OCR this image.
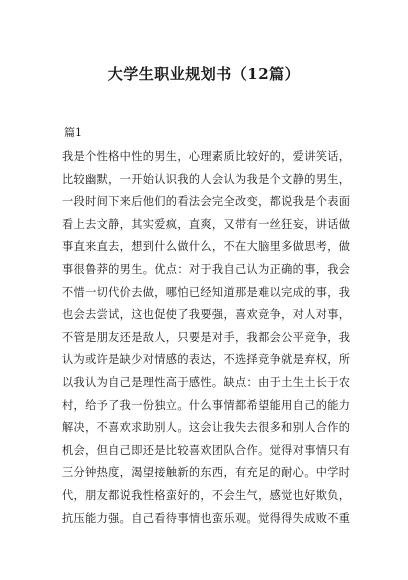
大学生职业规划书（12篇）
篇1
我是个性格中性的男生，心理素质比较好的，爱讲笑话，
比较幽默，一开始认识我的人会认为我是个文静的男生，
一段时间下来后他们的看法会完全改变，都说我是个表面
看上去文静，其实爱疯，直爽，又带有一丝狂妄，讲话做
事直来直去，想到什么做什么，不在大脑里多做思考，做
事很鲁莽的男生。优点：对于我自己认为正确的事，我会
不惜一切代价去做，哪怕已经知道那是难以完成的事，我
也会去尝试，这也促使了我要强，喜欢竞争，对人对事，
不管是朋友还是敌人，只要是对手，我都会公平竞争，我
认为或许是缺少对情感的表达，不选择竞争就是弃权，所
以我认为自己是理性高于感性。缺点：由于土生土长于农
村，给予了我一份独立。什么事情都希望能用自己的能力
解决，不喜欢求助别人。这会让我失去很多和别人合作的
机会，但自己即还是比较喜欢团队合作。觉得对事情只有
三分钟热度，渴望接触新的东西，有充足的耐心。中学时
代，朋友都说我性格蛮好的，不会生气，感觉也好欺负，
抗压能力强。自己看待事情也蛮乐观。觉得得失成败不重
